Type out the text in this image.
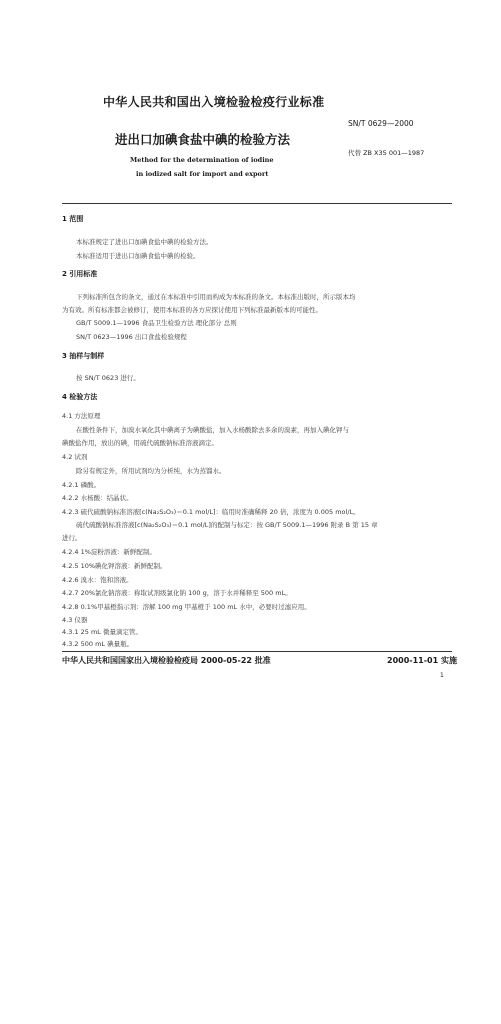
中华人民共和国出入境检验检疫行业标准
SN/T 0629—2000
进出口加碘食盐中碘的检验方法
代替 ZB X35 001—1987
Method for the determination of iodine
in iodized salt for import and export
1 范围
本标准规定了进出口加碘食盐中碘的检验方法。
本标准适用于进出口加碘食盐中碘的检验。
2 引用标准
下列标准所包含的条文，通过在本标准中引用而构成为本标准的条文。本标准出版时，所示版本均
为有效。所有标准都会被修订，使用本标准的各方应探讨使用下列标准最新版本的可能性。
GB/T 5009.1—1996 食品卫生检验方法 理化部分 总则
SN/T 0623—1996 出口食盐检验规程
3 抽样与制样
按 SN/T 0623 进行。
4 检验方法
4.1 方法原理
在酸性条件下，加溴水氧化其中碘离子为碘酸盐，加入水杨酸除去多余的溴素，再加入碘化钾与
碘酸盐作用，放出的碘，用硫代硫酸钠标准溶液滴定。
4.2 试剂
除另有规定外，所用试剂均为分析纯，水为蒸馏水。
4.2.1 磷酸。
4.2.2 水杨酸：结晶状。
4.2.3 硫代硫酸钠标准溶液[c(Na₂S₂O₃)＝0.1 mol/L]：临用时准确稀释 20 倍，浓度为 0.005 mol/L。
硫代硫酸钠标准溶液[c(Na₂S₂O₃)＝0.1 mol/L]的配制与标定：按 GB/T 5009.1—1996 附录 B 第 15 章
进行。
4.2.4 1%淀粉溶液：新鲜配制。
4.2.5 10%碘化钾溶液：新鲜配制。
4.2.6 溴水：饱和溶液。
4.2.7 20%氯化钠溶液：称取试剂级氯化钠 100 g，溶于水并稀释至 500 mL。
4.2.8 0.1%甲基橙指示剂：溶解 100 mg 甲基橙于 100 mL 水中，必要时过滤应用。
4.3 仪器
4.3.1 25 mL 微量滴定管。
4.3.2 500 mL 碘量瓶。
中华人民共和国国家出入境检验检疫局 2000-05-22 批准	2000-11-01 实施
1
